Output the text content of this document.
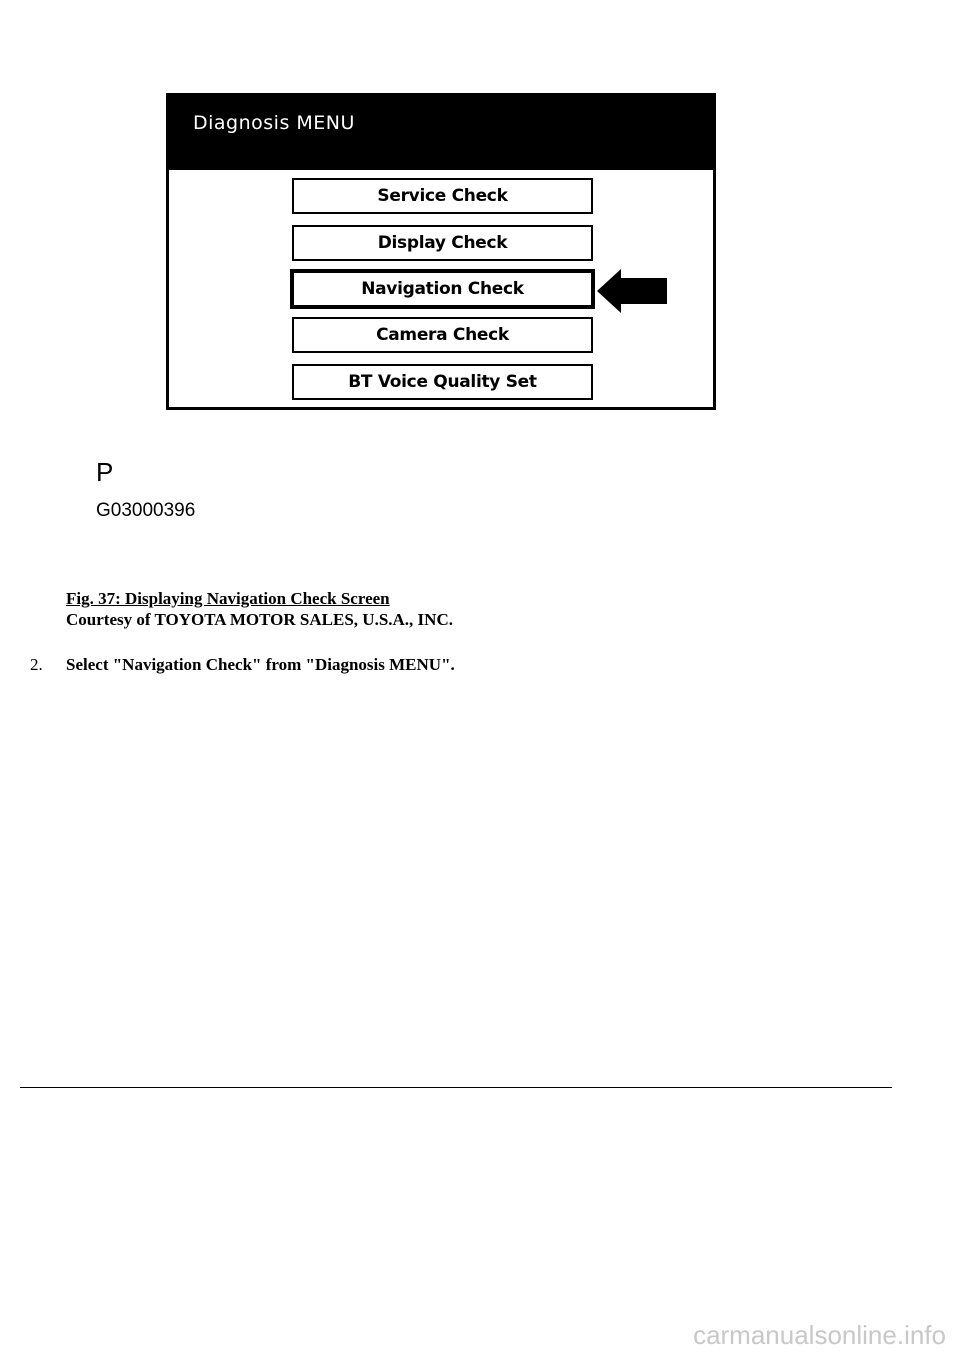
Diagnosis MENU
Service Check
Display Check
Navigation Check
Camera Check
BT Voice Quality Set
P
G03000396
Fig. 37: Displaying Navigation Check Screen
Courtesy of TOYOTA MOTOR SALES, U.S.A., INC.
2. Select "Navigation Check" from "Diagnosis MENU".
carmanualsonline.info
